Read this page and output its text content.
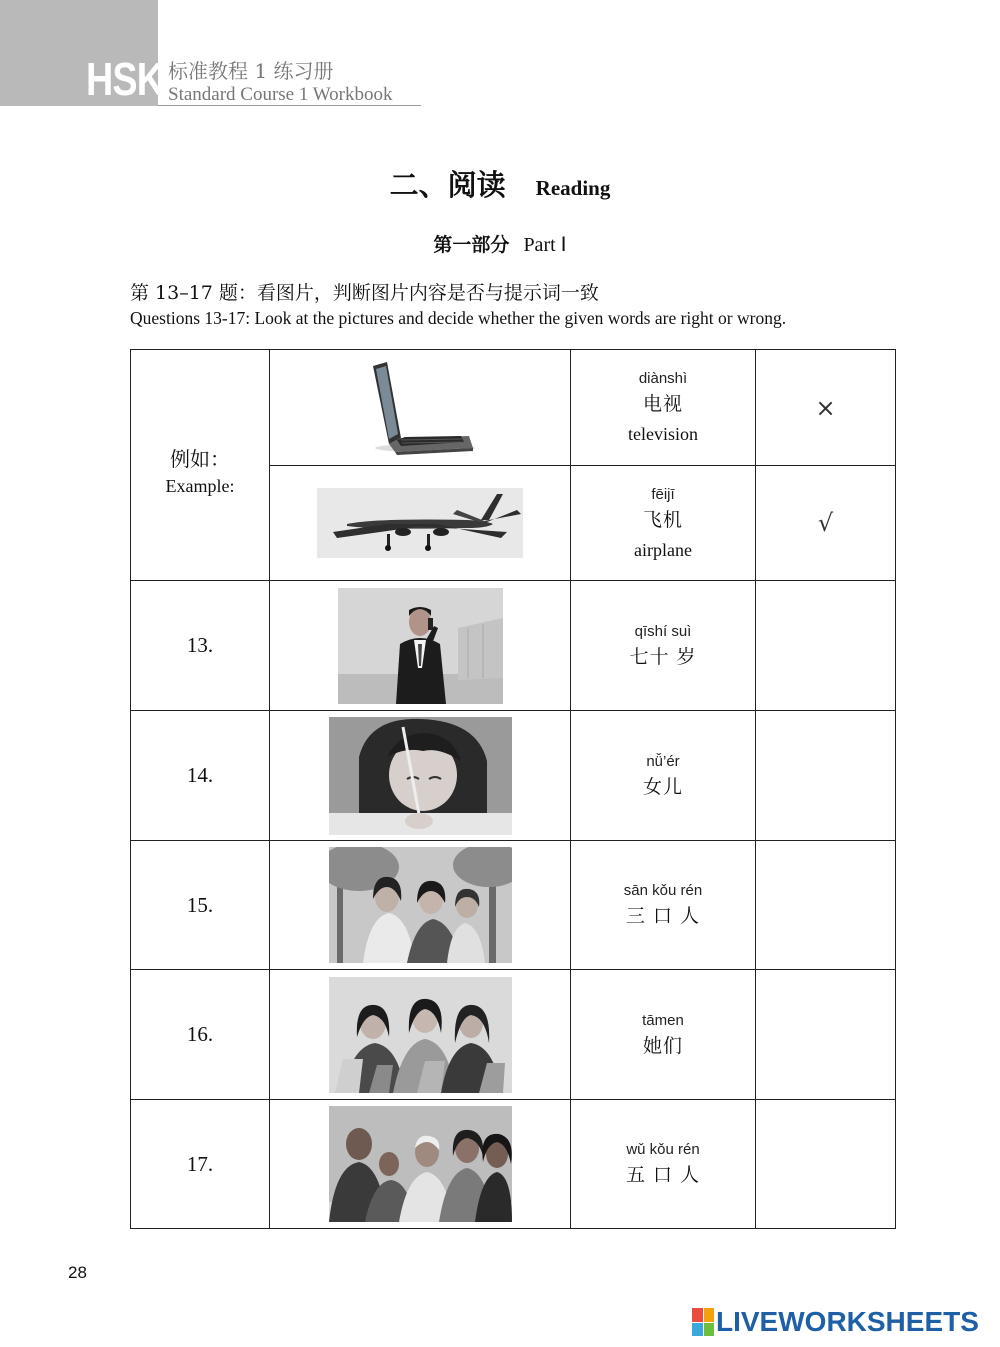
HSK 标准教程 1 练习册
Standard Course 1 Workbook
二、阅读 Reading
第一部分 Part Ⅰ
第 13–17 题：看图片，判断图片内容是否与提示词一致
Questions 13-17: Look at the pictures and decide whether the given words are right or wrong.
例如：
Example:		diànshì
电视
television	×

fēijī
飞机
airplane	√
13.		qīshí suì
七十 岁	

14.		nǚ’ér
女儿	

15.		sān kǒu rén
三 口 人	

16.		tāmen
她们	

17.		wǔ kǒu rén
五 口 人	

28
LIVEWORKSHEETS
